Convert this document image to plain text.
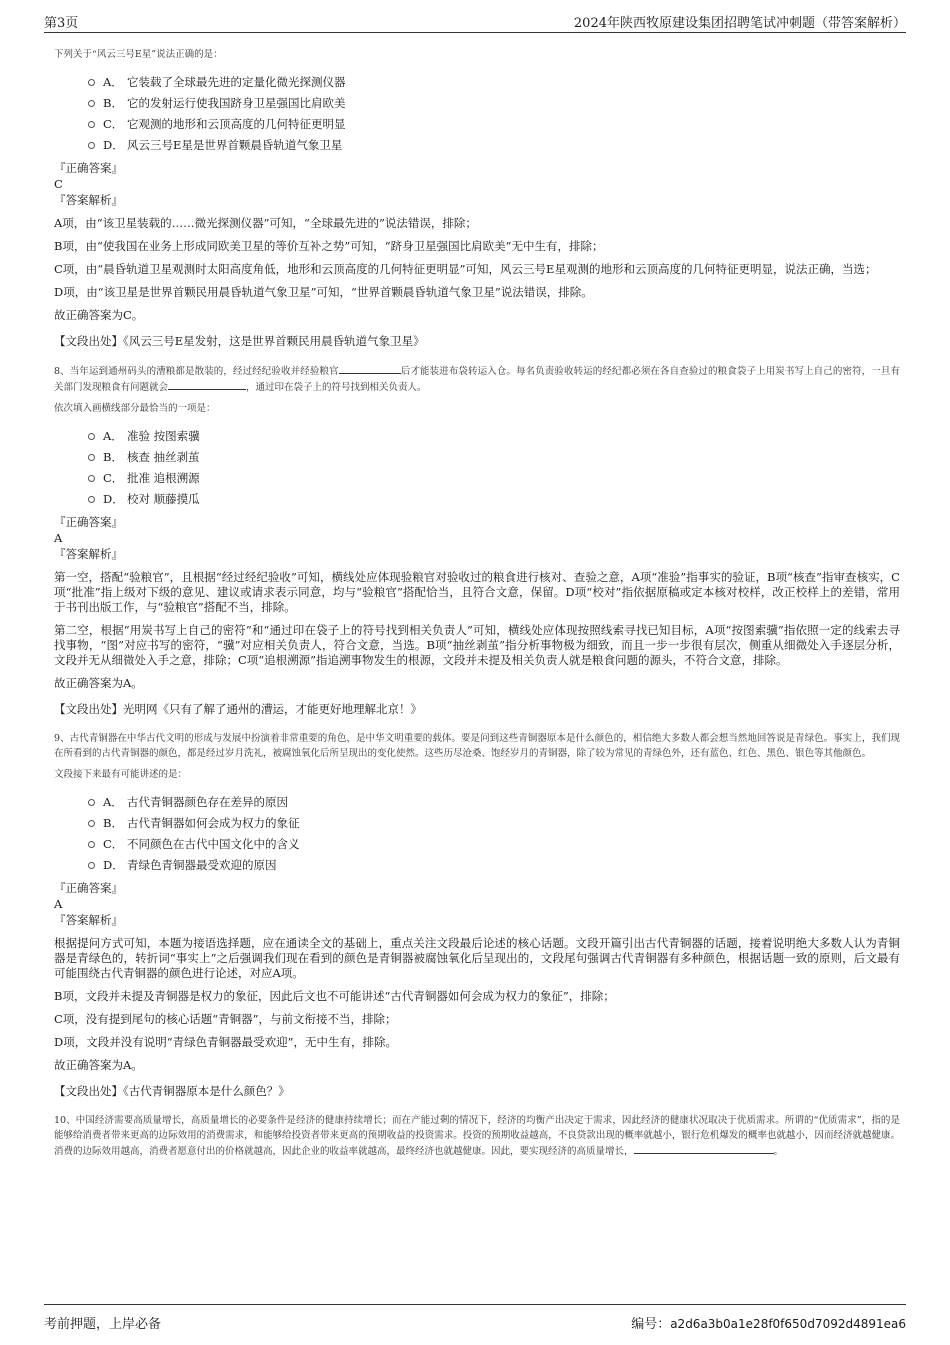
第3页	2024年陕西牧原建设集团招聘笔试冲刺题（带答案解析）

下列关于“风云三号E星”说法正确的是：

A． 它装载了全球最先进的定量化微光探测仪器
B． 它的发射运行使我国跻身卫星强国比肩欧美
C． 它观测的地形和云顶高度的几何特征更明显
D． 风云三号E星是世界首颗晨昏轨道气象卫星

『正确答案』

C

『答案解析』

A项，由“该卫星装载的……微光探测仪器”可知，“全球最先进的”说法错误，排除；

B项，由“使我国在业务上形成同欧美卫星的等价互补之势”可知，“跻身卫星强国比肩欧美”无中生有，排除；

C项，由“晨昏轨道卫星观测时太阳高度角低，地形和云顶高度的几何特征更明显”可知，风云三号E星观测的地形和云顶高度的几何特征更明显，说法正确，当选；

D项，由“该卫星是世界首颗民用晨昏轨道气象卫星”可知，“世界首颗晨昏轨道气象卫星”说法错误，排除。

故正确答案为C。

【文段出处】《风云三号E星发射，这是世界首颗民用晨昏轨道气象卫星》

8、当年运到通州码头的漕粮都是散装的，经过经纪验收并经验粮官	后才能装进布袋转运入仓。每名负责验收转运的经纪都必须在各自查验过的粮食袋子上用炭书写上自己的密符，一旦有关部门发现粮食有问题就会	，通过印在袋子上的符号找到相关负责人。

依次填入画横线部分最恰当的一项是：

A． 准验 按图索骥
B． 核查 抽丝剥茧
C． 批准 追根溯源
D． 校对 顺藤摸瓜

『正确答案』

A

『答案解析』

第一空，搭配“验粮官”，且根据“经过经纪验收”可知，横线处应体现验粮官对验收过的粮食进行核对、查验之意，A项“准验”指事实的验证，B项“核查”指审查核实，C项“批准”指上级对下级的意见、建议或请求表示同意，均与“验粮官”搭配恰当，且符合文意，保留。D项“校对”指依据原稿或定本核对校样，改正校样上的差错，常用于书刊出版工作，与“验粮官”搭配不当，排除。

第二空，根据“用炭书写上自己的密符”和“通过印在袋子上的符号找到相关负责人”可知，横线处应体现按照线索寻找已知目标，A项“按图索骥”指依照一定的线索去寻找事物，“图”对应书写的密符，“骥”对应相关负责人，符合文意，当选。B项“抽丝剥茧”指分析事物极为细致，而且一步一步很有层次，侧重从细微处入手逐层分析，文段并无从细微处入手之意，排除；C项“追根溯源”指追溯事物发生的根源，文段并未提及相关负责人就是粮食问题的源头，不符合文意，排除。

故正确答案为A。

【文段出处】光明网《只有了解了通州的漕运，才能更好地理解北京！》

9、古代青铜器在中华古代文明的形成与发展中扮演着非常重要的角色，是中华文明重要的载体。要是问到这些青铜器原本是什么颜色的，相信绝大多数人都会想当然地回答说是青绿色。事实上，我们现在所看到的古代青铜器的颜色，都是经过岁月洗礼，被腐蚀氧化后所呈现出的变化使然。这些历尽沧桑、饱经岁月的青铜器，除了较为常见的青绿色外，还有蓝色、红色、黑色、银色等其他颜色。

文段接下来最有可能讲述的是：

A． 古代青铜器颜色存在差异的原因
B． 古代青铜器如何会成为权力的象征
C． 不同颜色在古代中国文化中的含义
D． 青绿色青铜器最受欢迎的原因

『正确答案』

A

『答案解析』

根据提问方式可知，本题为接语选择题，应在通读全文的基础上，重点关注文段最后论述的核心话题。文段开篇引出古代青铜器的话题，接着说明绝大多数人认为青铜器是青绿色的，转折词“事实上”之后强调我们现在看到的颜色是青铜器被腐蚀氧化后呈现出的，文段尾句强调古代青铜器有多种颜色，根据话题一致的原则，后文最有可能围绕古代青铜器的颜色进行论述，对应A项。

B项，文段并未提及青铜器是权力的象征，因此后文也不可能讲述“古代青铜器如何会成为权力的象征”，排除；

C项，没有提到尾句的核心话题“青铜器”，与前文衔接不当，排除；

D项，文段并没有说明“青绿色青铜器最受欢迎”，无中生有，排除。

故正确答案为A。

【文段出处】《古代青铜器原本是什么颜色？》

10、中国经济需要高质量增长，高质量增长的必要条件是经济的健康持续增长；而在产能过剩的情况下，经济的均衡产出决定于需求，因此经济的健康状况取决于优质需求。所谓的“优质需求”，指的是能够给消费者带来更高的边际效用的消费需求，和能够给投资者带来更高的预期收益的投资需求。投资的预期收益越高，不良贷款出现的概率就越小，银行危机爆发的概率也就越小，因而经济就越健康。消费的边际效用越高，消费者愿意付出的价格就越高，因此企业的收益率就越高，最终经济也就越健康。因此，要实现经济的高质量增长，	。

考前押题，上岸必备	编号：a2d6a3b0a1e28f0f650d7092d4891ea6
